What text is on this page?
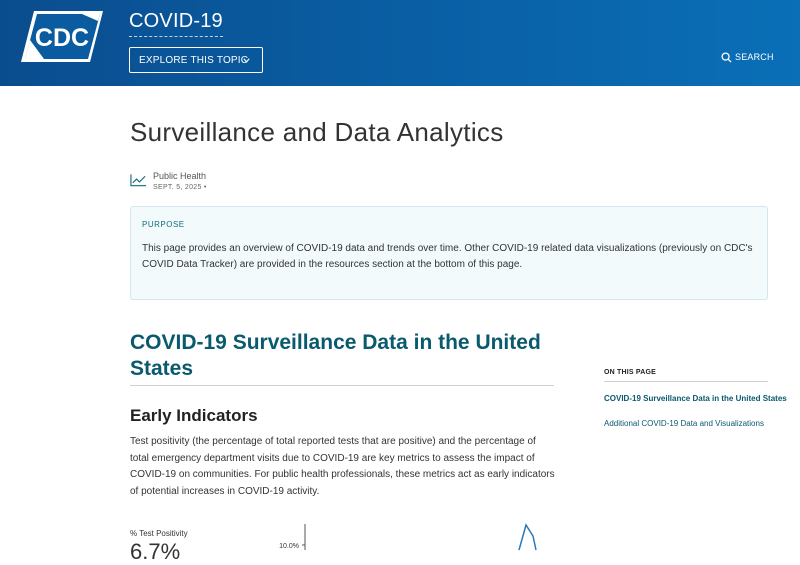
CDC
COVID-19
EXPLORE THIS TOPIC	SEARCH
Surveillance and Data Analytics
Public Health
SEPT. 5, 2025 •
PURPOSE
This page provides an overview of COVID-19 data and trends over time. Other COVID-19 related data visualizations (previously on CDC's COVID Data Tracker) are provided in the resources section at the bottom of this page.
COVID-19 Surveillance Data in the United States
Early Indicators

Test positivity (the percentage of total reported tests that are positive) and the percentage of total emergency department visits due to COVID-19 are key metrics to assess the impact of COVID-19 on communities. For public health professionals, these metrics act as early indicators of potential increases in COVID-19 activity.

ON THIS PAGE
COVID-19 Surveillance Data in the United States
Additional COVID-19 Data and Visualizations
% Test Positivity
6.7%	10.0%
